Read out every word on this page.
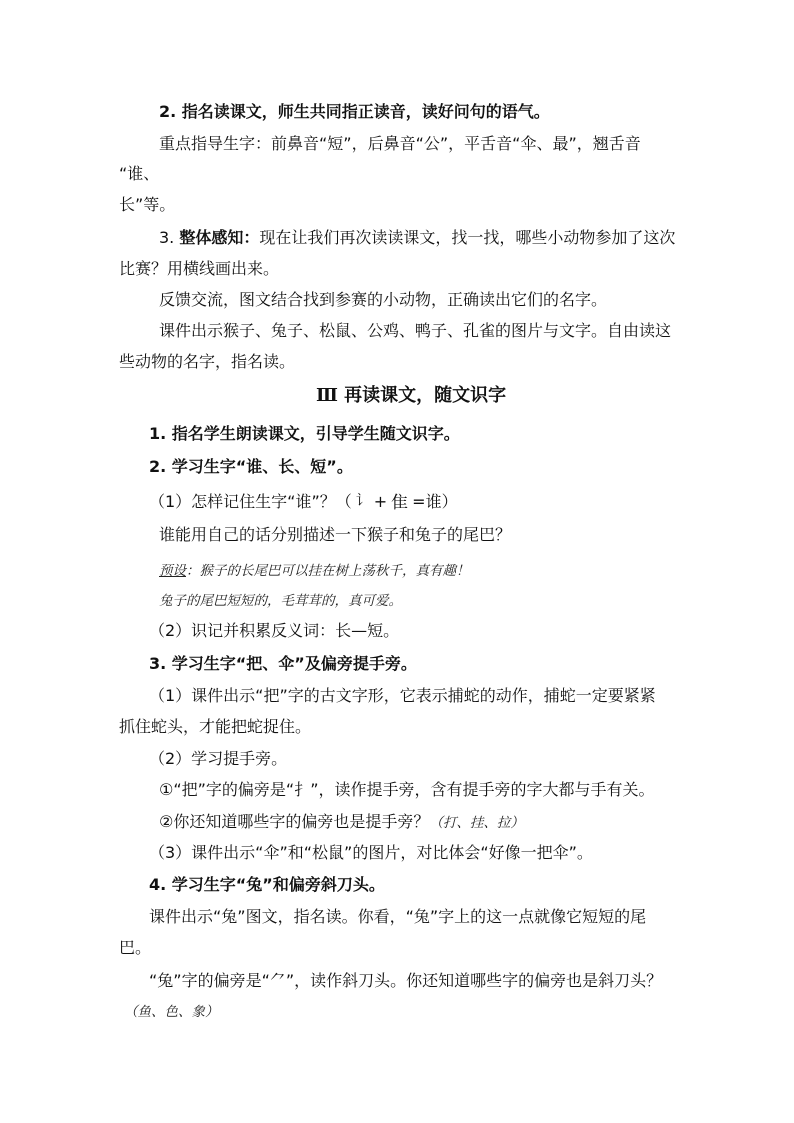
2. 指名读课文，师生共同指正读音，读好问句的语气。

重点指导生字：前鼻音“短”，后鼻音“公”，平舌音“伞、最”，翘舌音

“谁、

长”等。

3. 整体感知：现在让我们再次读读课文，找一找，哪些小动物参加了这次

比赛？用横线画出来。

反馈交流，图文结合找到参赛的小动物，正确读出它们的名字。

课件出示猴子、兔子、松鼠、公鸡、鸭子、孔雀的图片与文字。自由读这

些动物的名字，指名读。

Ⅲ 再读课文，随文识字

1. 指名学生朗读课文，引导学生随文识字。

2. 学习生字“谁、长、短”。

（1）怎样记住生字“谁”？（ 讠 + 隹 =谁）

谁能用自己的话分别描述一下猴子和兔子的尾巴？

预设：猴子的长尾巴可以挂在树上荡秋千，真有趣！

兔子的尾巴短短的，毛茸茸的，真可爱。

（2）识记并积累反义词：长—短。

3. 学习生字“把、伞”及偏旁提手旁。

（1）课件出示“把”字的古文字形，它表示捕蛇的动作，捕蛇一定要紧紧

抓住蛇头，才能把蛇捉住。

（2）学习提手旁。

①“把”字的偏旁是“扌”，读作提手旁，含有提手旁的字大都与手有关。

②你还知道哪些字的偏旁也是提手旁？（打、挂、拉）

（3）课件出示“伞”和“松鼠”的图片，对比体会“好像一把伞”。

4. 学习生字“兔”和偏旁斜刀头。

课件出示“兔”图文，指名读。你看，“兔”字上的这一点就像它短短的尾

巴。

“兔”字的偏旁是“⺈”，读作斜刀头。你还知道哪些字的偏旁也是斜刀头？

（鱼、色、象）
